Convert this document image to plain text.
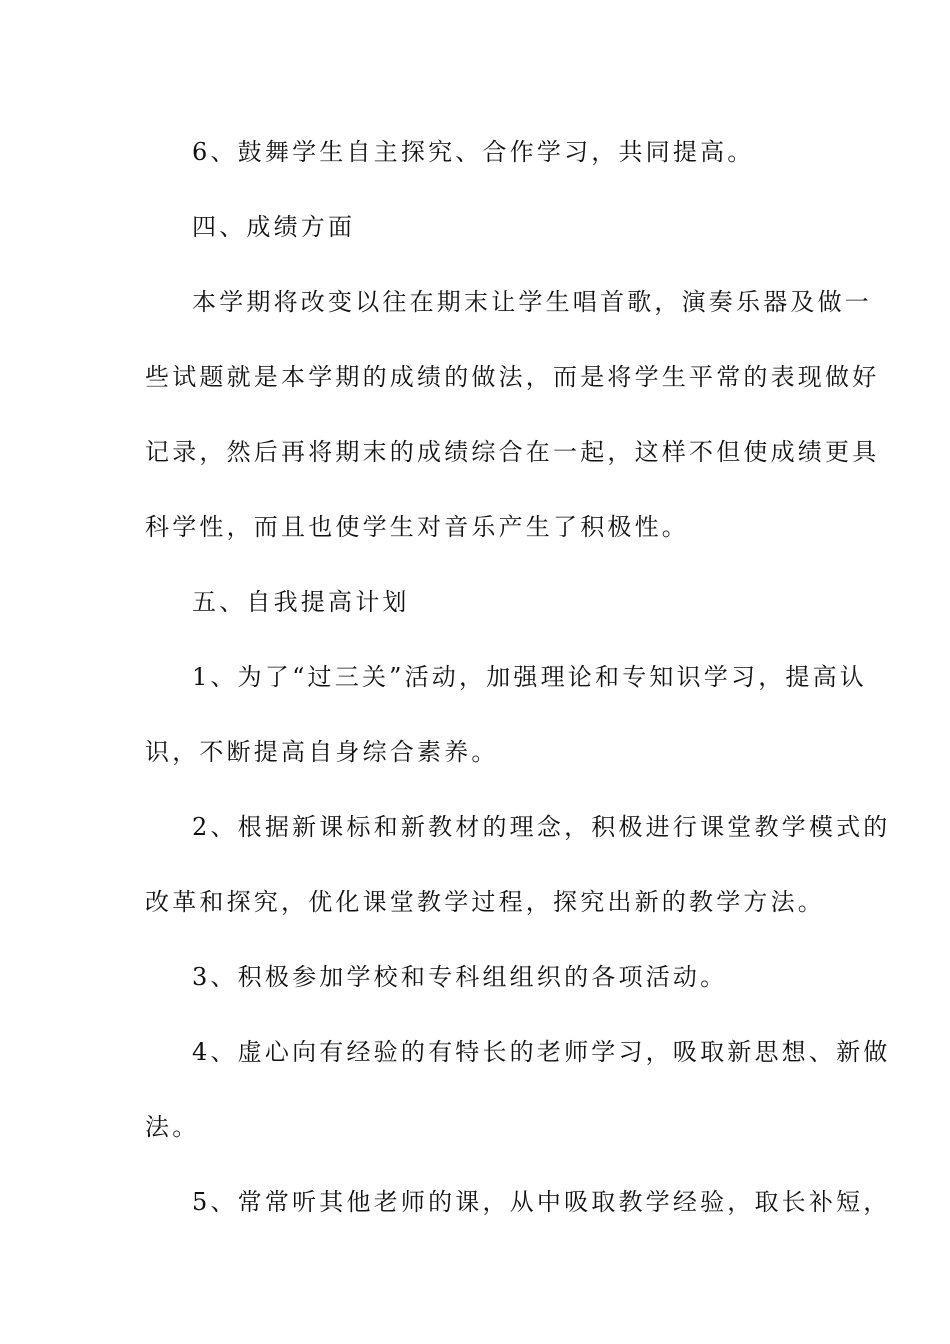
6、鼓舞学生自主探究、合作学习，共同提高。
四、成绩方面
本学期将改变以往在期末让学生唱首歌，演奏乐器及做一
些试题就是本学期的成绩的做法，而是将学生平常的表现做好
记录，然后再将期末的成绩综合在一起，这样不但使成绩更具
科学性，而且也使学生对音乐产生了积极性。
五、自我提高计划
1、为了“过三关”活动，加强理论和专知识学习，提高认
识，不断提高自身综合素养。
2、根据新课标和新教材的理念，积极进行课堂教学模式的
改革和探究，优化课堂教学过程，探究出新的教学方法。
3、积极参加学校和专科组组织的各项活动。
4、虚心向有经验的有特长的老师学习，吸取新思想、新做
法。
5、常常听其他老师的课，从中吸取教学经验，取长补短，
